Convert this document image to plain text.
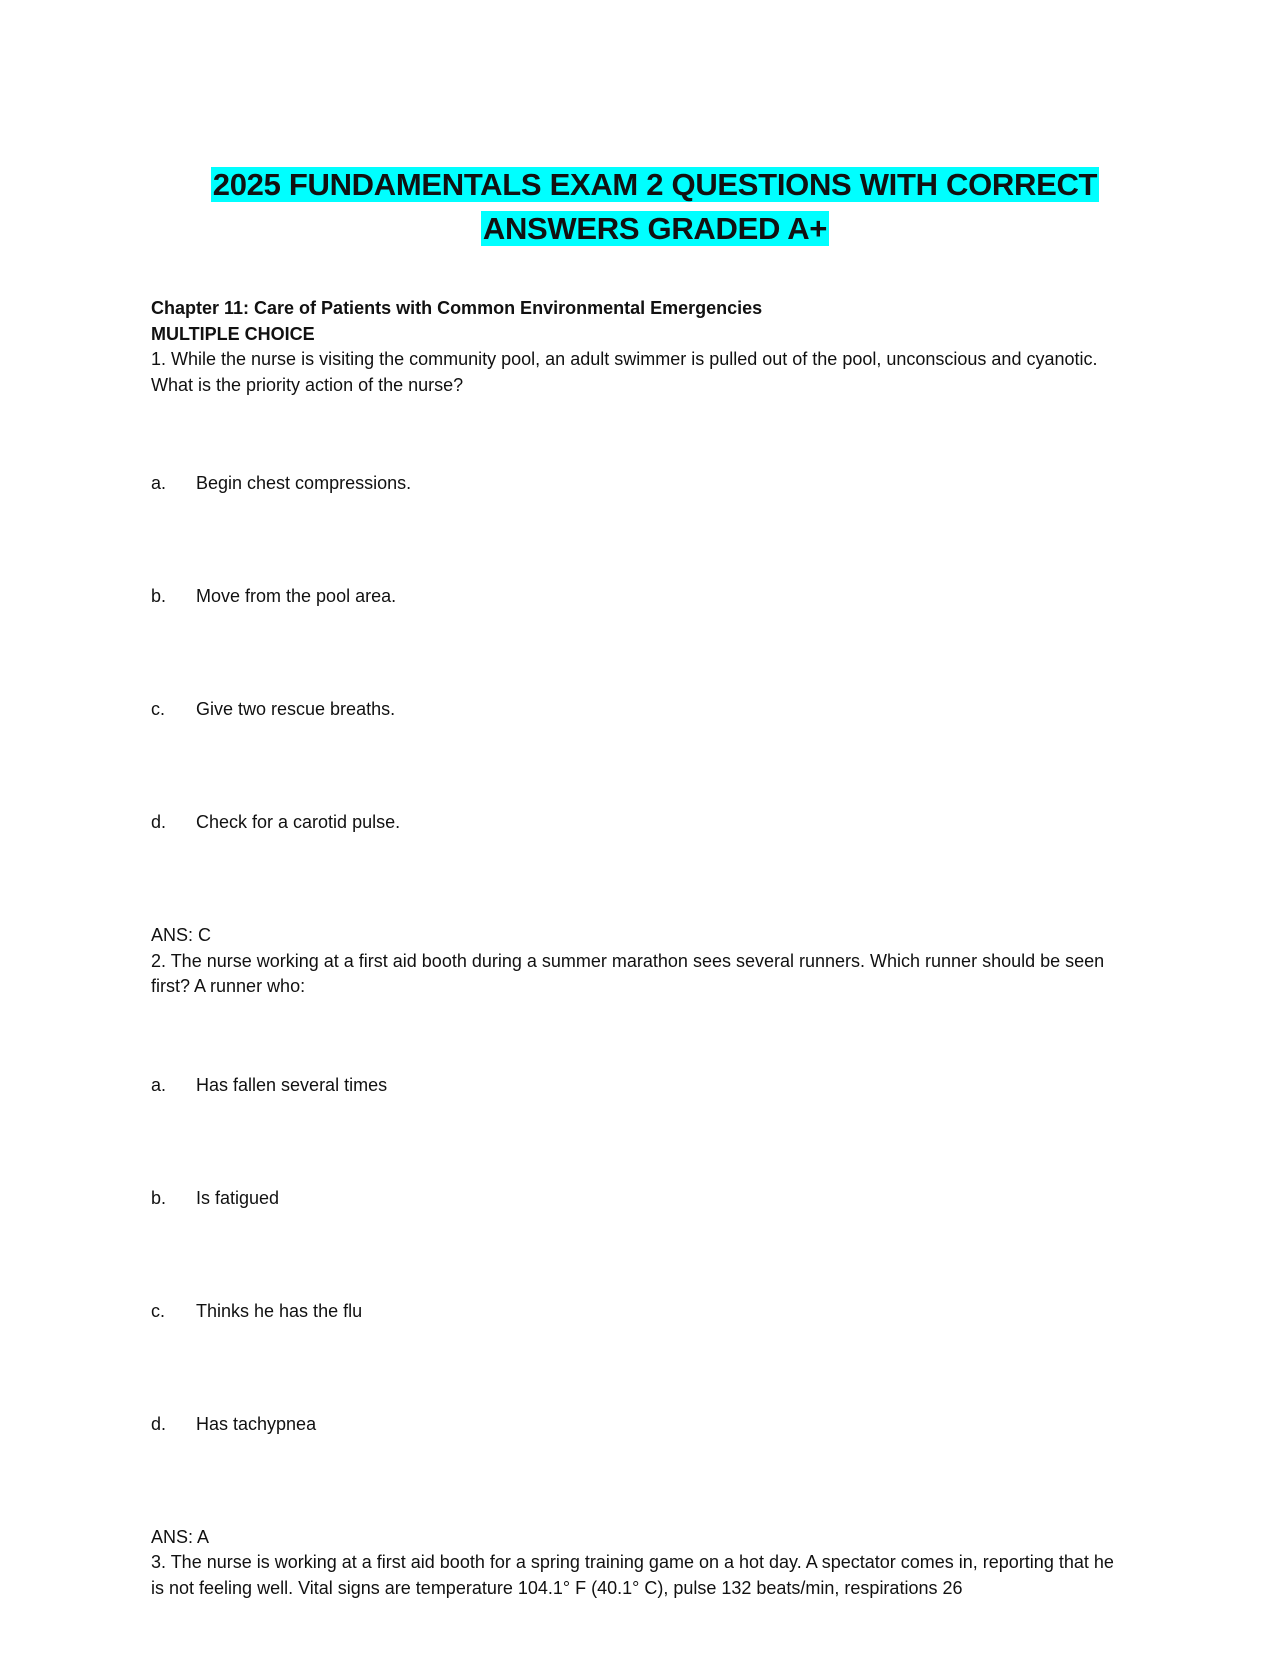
2025 FUNDAMENTALS EXAM 2 QUESTIONS WITH CORRECT
ANSWERS GRADED A+
Chapter 11: Care of Patients with Common Environmental Emergencies
MULTIPLE CHOICE

1. While the nurse is visiting the community pool, an adult swimmer is pulled out of the pool, unconscious and cyanotic. What is the priority action of the nurse?

a.	Begin chest compressions.
b.	Move from the pool area.
c.	Give two rescue breaths.
d.	Check for a carotid pulse.

ANS: C

2. The nurse working at a first aid booth during a summer marathon sees several runners. Which runner should be seen first? A runner who:

a.	Has fallen several times
b.	Is fatigued
c.	Thinks he has the flu
d.	Has tachypnea

ANS: A

3. The nurse is working at a first aid booth for a spring training game on a hot day. A spectator comes in, reporting that he is not feeling well. Vital signs are temperature 104.1° F (40.1° C), pulse 132 beats/min, respirations 26
